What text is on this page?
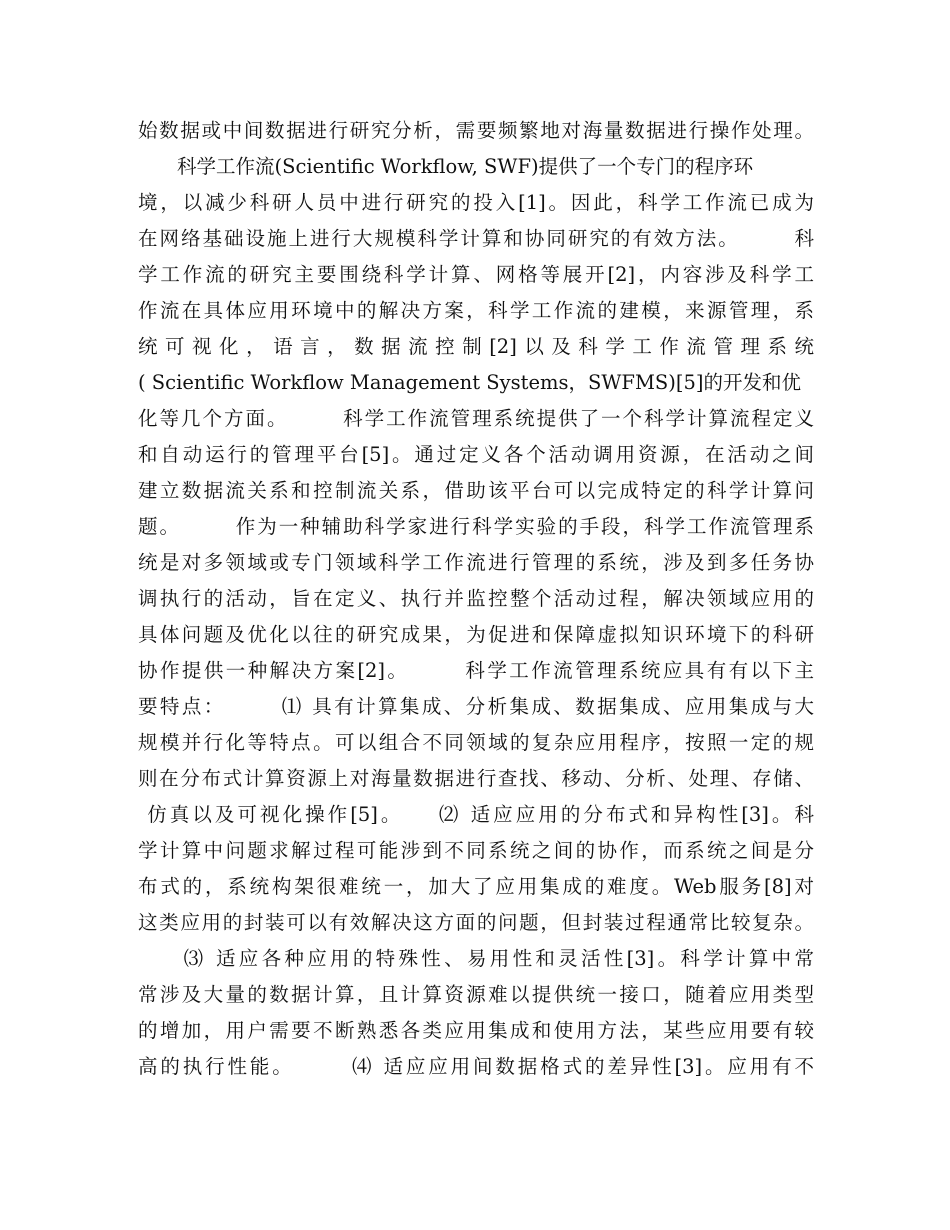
始数据或中间数据进行研究分析，需要频繁地对海量数据进行操作处理。
　　科学工作流(Scientific Workflow, SWF)提供了一个专门的程序环
境，以减少科研人员中进行研究的投入[1]。因此，科学工作流已成为
在网络基础设施上进行大规模科学计算和协同研究的有效方法。　　　科
学工作流的研究主要围绕科学计算、网格等展开[2]，内容涉及科学工
作流在具体应用环境中的解决方案，科学工作流的建模，来源管理，系
统可视化，语言，数据流控制[2]以及科学工作流管理系统
( Scientific Workflow Management Systems，SWFMS)[5]的开发和优
化等几个方面。　　　科学工作流管理系统提供了一个科学计算流程定义
和自动运行的管理平台[5]。通过定义各个活动调用资源，在活动之间
建立数据流关系和控制流关系，借助该平台可以完成特定的科学计算问
题。　　　作为一种辅助科学家进行科学实验的手段，科学工作流管理系
统是对多领域或专门领域科学工作流进行管理的系统，涉及到多任务协
调执行的活动，旨在定义、执行并监控整个活动过程，解决领域应用的
具体问题及优化以往的研究成果，为促进和保障虚拟知识环境下的科研
协作提供一种解决方案[2]。　　　科学工作流管理系统应具有有以下主
要特点：　　　⑴ 具有计算集成、分析集成、数据集成、应用集成与大
规模并行化等特点。可以组合不同领域的复杂应用程序，按照一定的规
则在分布式计算资源上对海量数据进行查找、移动、分析、处理、存储、
仿真以及可视化操作[5]。　　⑵ 适应应用的分布式和异构性[3]。科
学计算中问题求解过程可能涉到不同系统之间的协作，而系统之间是分
布式的，系统构架很难统一，加大了应用集成的难度。Web服务[8]对
这类应用的封装可以有效解决这方面的问题，但封装过程通常比较复杂。
　　⑶ 适应各种应用的特殊性、易用性和灵活性[3]。科学计算中常
常涉及大量的数据计算，且计算资源难以提供统一接口，随着应用类型
的增加，用户需要不断熟悉各类应用集成和使用方法，某些应用要有较
高的执行性能。　　　⑷ 适应应用间数据格式的差异性[3]。应用有不
